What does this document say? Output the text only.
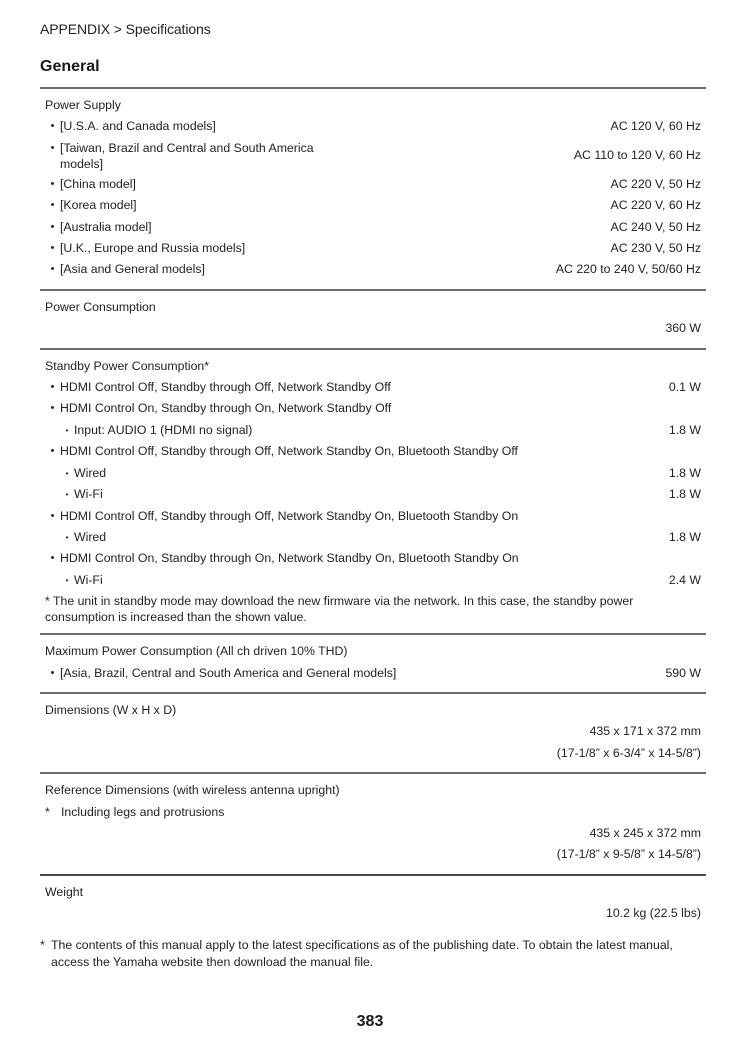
APPENDIX > Specifications
General
Power Supply
• [U.S.A. and Canada models]	AC 120 V, 60 Hz
• [Taiwan, Brazil and Central and South America models]
AC 110 to 120 V, 60 Hz
• [China model]	AC 220 V, 50 Hz
• [Korea model]	AC 220 V, 60 Hz
• [Australia model]	AC 240 V, 50 Hz
• [U.K., Europe and Russia models]	AC 230 V, 50 Hz
• [Asia and General models]	AC 220 to 240 V, 50/60 Hz
Power Consumption
360 W
Standby Power Consumption*
• HDMI Control Off, Standby through Off, Network Standby Off	0.1 W
• HDMI Control On, Standby through On, Network Standby Off
• Input: AUDIO 1 (HDMI no signal)	1.8 W
• HDMI Control Off, Standby through Off, Network Standby On, Bluetooth Standby Off
• Wired	1.8 W
• Wi-Fi	1.8 W
• HDMI Control Off, Standby through Off, Network Standby On, Bluetooth Standby On
• Wired	1.8 W
• HDMI Control On, Standby through On, Network Standby On, Bluetooth Standby On
• Wi-Fi	2.4 W
* The unit in standby mode may download the new firmware via the network. In this case, the standby power consumption is increased than the shown value.
Maximum Power Consumption (All ch driven 10% THD)
• [Asia, Brazil, Central and South America and General models]	590 W
Dimensions (W x H x D)
435 x 171 x 372 mm
(17-1/8” x 6-3/4” x 14-5/8”)
Reference Dimensions (with wireless antenna upright)
* Including legs and protrusions
435 x 245 x 372 mm
(17-1/8” x 9-5/8” x 14-5/8”)
Weight
10.2 kg (22.5 lbs)
* The contents of this manual apply to the latest specifications as of the publishing date. To obtain the latest manual, access the Yamaha website then download the manual file.
383
